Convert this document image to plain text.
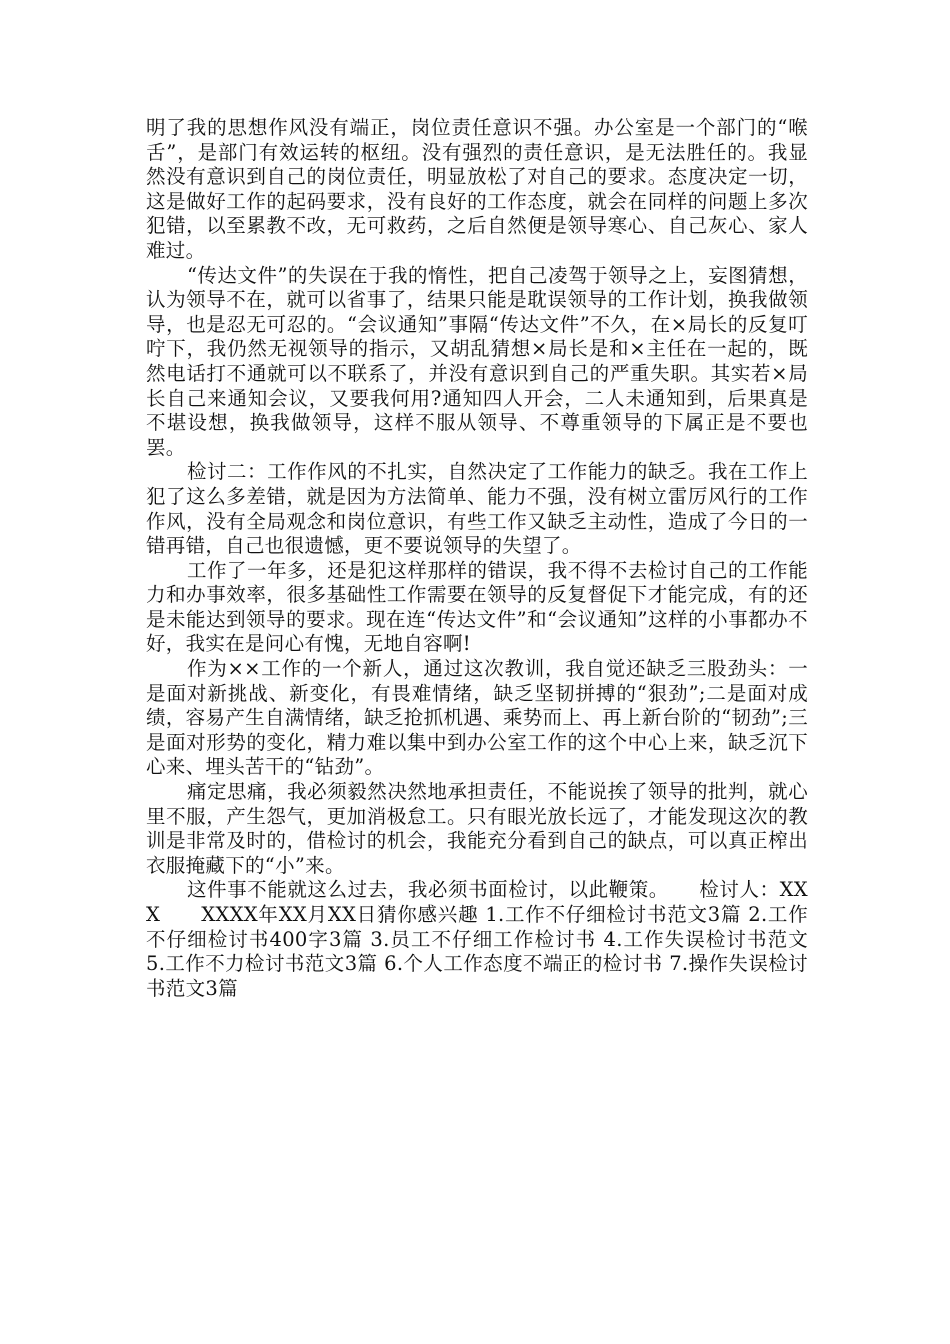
明了我的思想作风没有端正，岗位责任意识不强。办公室是一个部门的“喉舌”，是部门有效运转的枢纽。没有强烈的责任意识，是无法胜任的。我显然没有意识到自己的岗位责任，明显放松了对自己的要求。态度决定一切，这是做好工作的起码要求，没有良好的工作态度，就会在同样的问题上多次犯错，以至累教不改，无可救药，之后自然便是领导寒心、自己灰心、家人难过。

“传达文件”的失误在于我的惰性，把自己凌驾于领导之上，妄图猜想，认为领导不在，就可以省事了，结果只能是耽误领导的工作计划，换我做领导，也是忍无可忍的。“会议通知”事隔“传达文件”不久，在×局长的反复叮咛下，我仍然无视领导的指示，又胡乱猜想×局长是和×主任在一起的，既然电话打不通就可以不联系了，并没有意识到自己的严重失职。其实若×局长自己来通知会议，又要我何用?通知四人开会，二人未通知到，后果真是不堪设想，换我做领导，这样不服从领导、不尊重领导的下属正是不要也罢。

检讨二：工作作风的不扎实，自然决定了工作能力的缺乏。我在工作上犯了这么多差错，就是因为方法简单、能力不强，没有树立雷厉风行的工作作风，没有全局观念和岗位意识，有些工作又缺乏主动性，造成了今日的一错再错，自己也很遗憾，更不要说领导的失望了。

工作了一年多，还是犯这样那样的错误，我不得不去检讨自己的工作能力和办事效率，很多基础性工作需要在领导的反复督促下才能完成，有的还是未能达到领导的要求。现在连“传达文件”和“会议通知”这样的小事都办不好，我实在是问心有愧，无地自容啊!

作为××工作的一个新人，通过这次教训，我自觉还缺乏三股劲头：一是面对新挑战、新变化，有畏难情绪，缺乏坚韧拼搏的“狠劲”;二是面对成绩，容易产生自满情绪，缺乏抢抓机遇、乘势而上、再上新台阶的“韧劲”;三是面对形势的变化，精力难以集中到办公室工作的这个中心上来，缺乏沉下心来、埋头苦干的“钻劲”。

痛定思痛，我必须毅然决然地承担责任，不能说挨了领导的批判，就心里不服，产生怨气，更加消极怠工。只有眼光放长远了，才能发现这次的教训是非常及时的，借检讨的机会，我能充分看到自己的缺点，可以真正榨出衣服掩藏下的“小”来。

这件事不能就这么过去，我必须书面检讨，以此鞭策。　　检讨人：XXX　　XXXX年XX月XX日猜你感兴趣 1.工作不仔细检讨书范文3篇 2.工作不仔细检讨书400字3篇 3.员工不仔细工作检讨书 4.工作失误检讨书范文 5.工作不力检讨书范文3篇 6.个人工作态度不端正的检讨书 7.操作失误检讨书范文3篇
